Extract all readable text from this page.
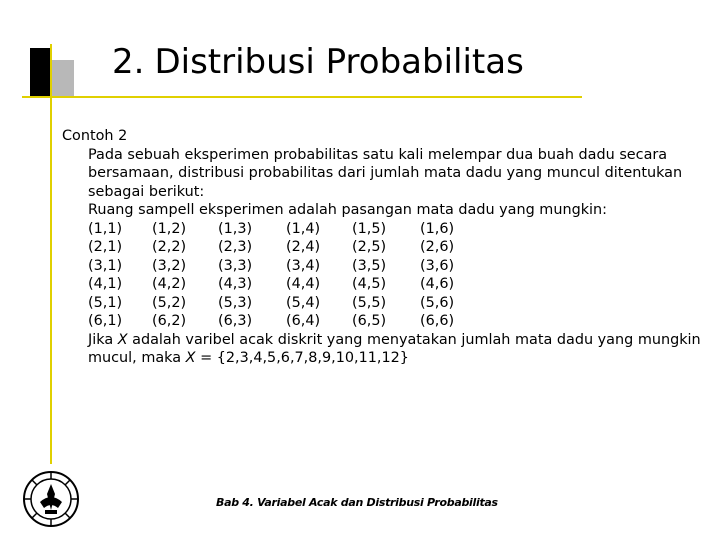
2. Distribusi Probabilitas

Contoh 2

Pada sebuah eksperimen probabilitas satu kali melempar dua buah dadu secara bersamaan, distribusi probabilitas dari jumlah mata dadu yang muncul ditentukan sebagai berikut:

Ruang sampell eksperimen adalah pasangan mata dadu yang mungkin:

(1,1)	(1,2)	(1,3)	(1,4)	(1,5)	(1,6)
(2,1)	(2,2)	(2,3)	(2,4)	(2,5)	(2,6)
(3,1)	(3,2)	(3,3)	(3,4)	(3,5)	(3,6)
(4,1)	(4,2)	(4,3)	(4,4)	(4,5)	(4,6)
(5,1)	(5,2)	(5,3)	(5,4)	(5,5)	(5,6)
(6,1)	(6,2)	(6,3)	(6,4)	(6,5)	(6,6)

Jika X adalah varibel acak diskrit yang menyatakan jumlah mata dadu yang mungkin mucul, maka X = {2,3,4,5,6,7,8,9,10,11,12}

Bab 4. Variabel Acak dan Distribusi Probabilitas
